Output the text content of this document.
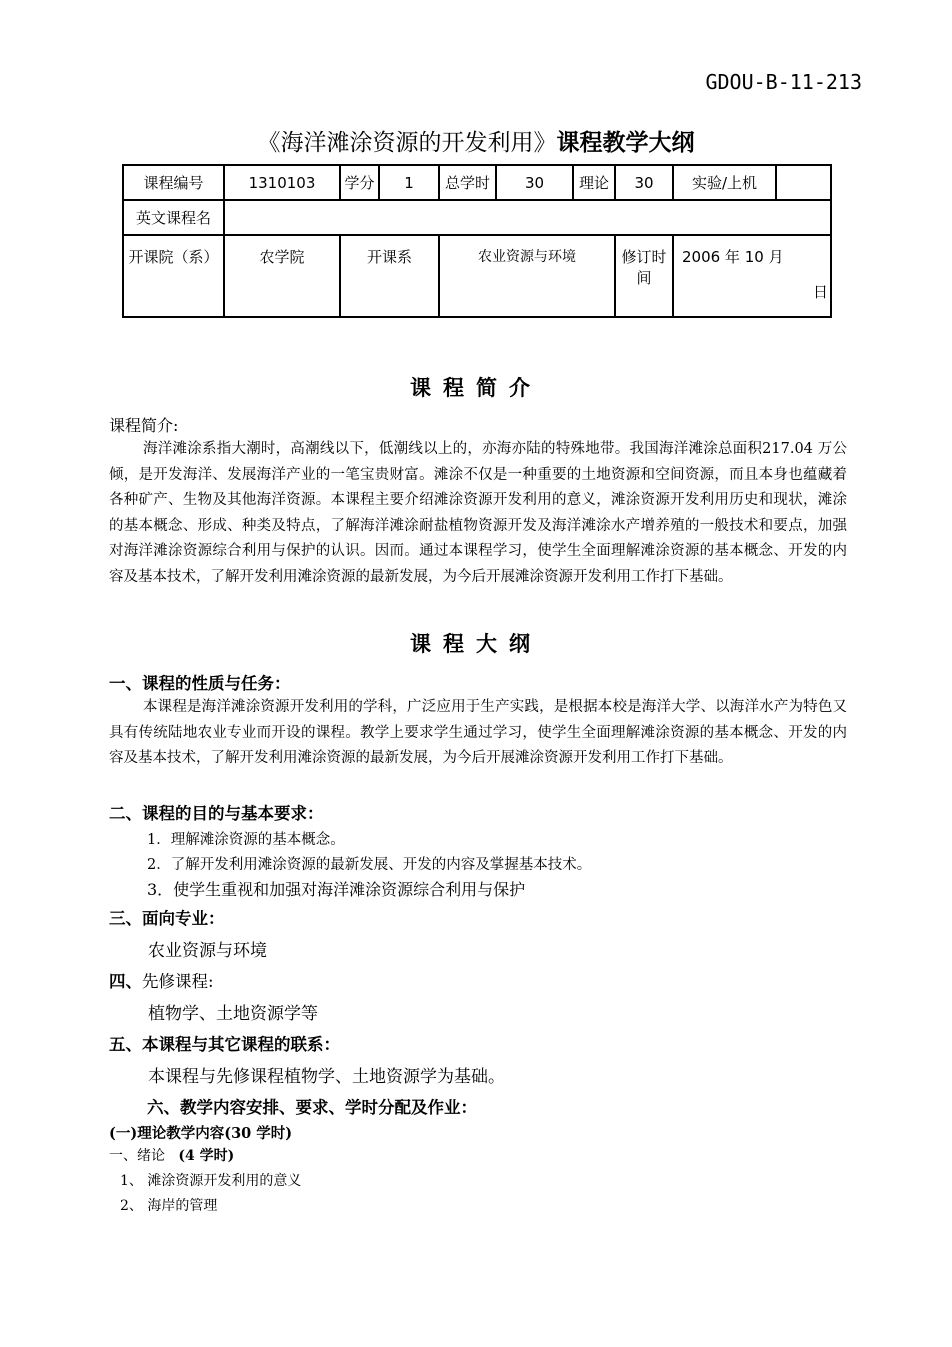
GDOU-B-11-213
《海洋滩涂资源的开发利用》课程教学大纲
课程编号	1310103	学分	1	总学时	30	理论	30	实验/上机	
英文课程名									
开课院（系）	农学院	开课系		农业资源与环境			修订时间	2006 年 10 月
日	
课程简介
课程简介:

海洋滩涂系指大潮时，高潮线以下，低潮线以上的，亦海亦陆的特殊地带。我国海洋滩涂总面积217.04 万公倾，是开发海洋、发展海洋产业的一笔宝贵财富。滩涂不仅是一种重要的土地资源和空间资源，而且本身也蕴藏着各种矿产、生物及其他海洋资源。本课程主要介绍滩涂资源开发利用的意义，滩涂资源开发利用历史和现状，滩涂的基本概念、形成、种类及特点，了解海洋滩涂耐盐植物资源开发及海洋滩涂水产增养殖的一般技术和要点，加强对海洋滩涂资源综合利用与保护的认识。因而。通过本课程学习，使学生全面理解滩涂资源的基本概念、开发的内容及基本技术，了解开发利用滩涂资源的最新发展，为今后开展滩涂资源开发利用工作打下基础。

课程大纲
一、课程的性质与任务：

本课程是海洋滩涂资源开发利用的学科，广泛应用于生产实践，是根据本校是海洋大学、以海洋水产为特色又具有传统陆地农业专业而开设的课程。教学上要求学生通过学习，使学生全面理解滩涂资源的基本概念、开发的内容及基本技术，了解开发利用滩涂资源的最新发展，为今后开展滩涂资源开发利用工作打下基础。

二、课程的目的与基本要求：
1．理解滩涂资源的基本概念。
2．了解开发利用滩涂资源的最新发展、开发的内容及掌握基本技术。
3．使学生重视和加强对海洋滩涂资源综合利用与保护
三、面向专业：
农业资源与环境
四、先修课程:
植物学、土地资源学等
五、本课程与其它课程的联系：
本课程与先修课程植物学、土地资源学为基础。
六、教学内容安排、要求、学时分配及作业：
(一)理论教学内容(30 学时)
一、绪论 (4 学时)
1、 滩涂资源开发利用的意义
2、 海岸的管理
